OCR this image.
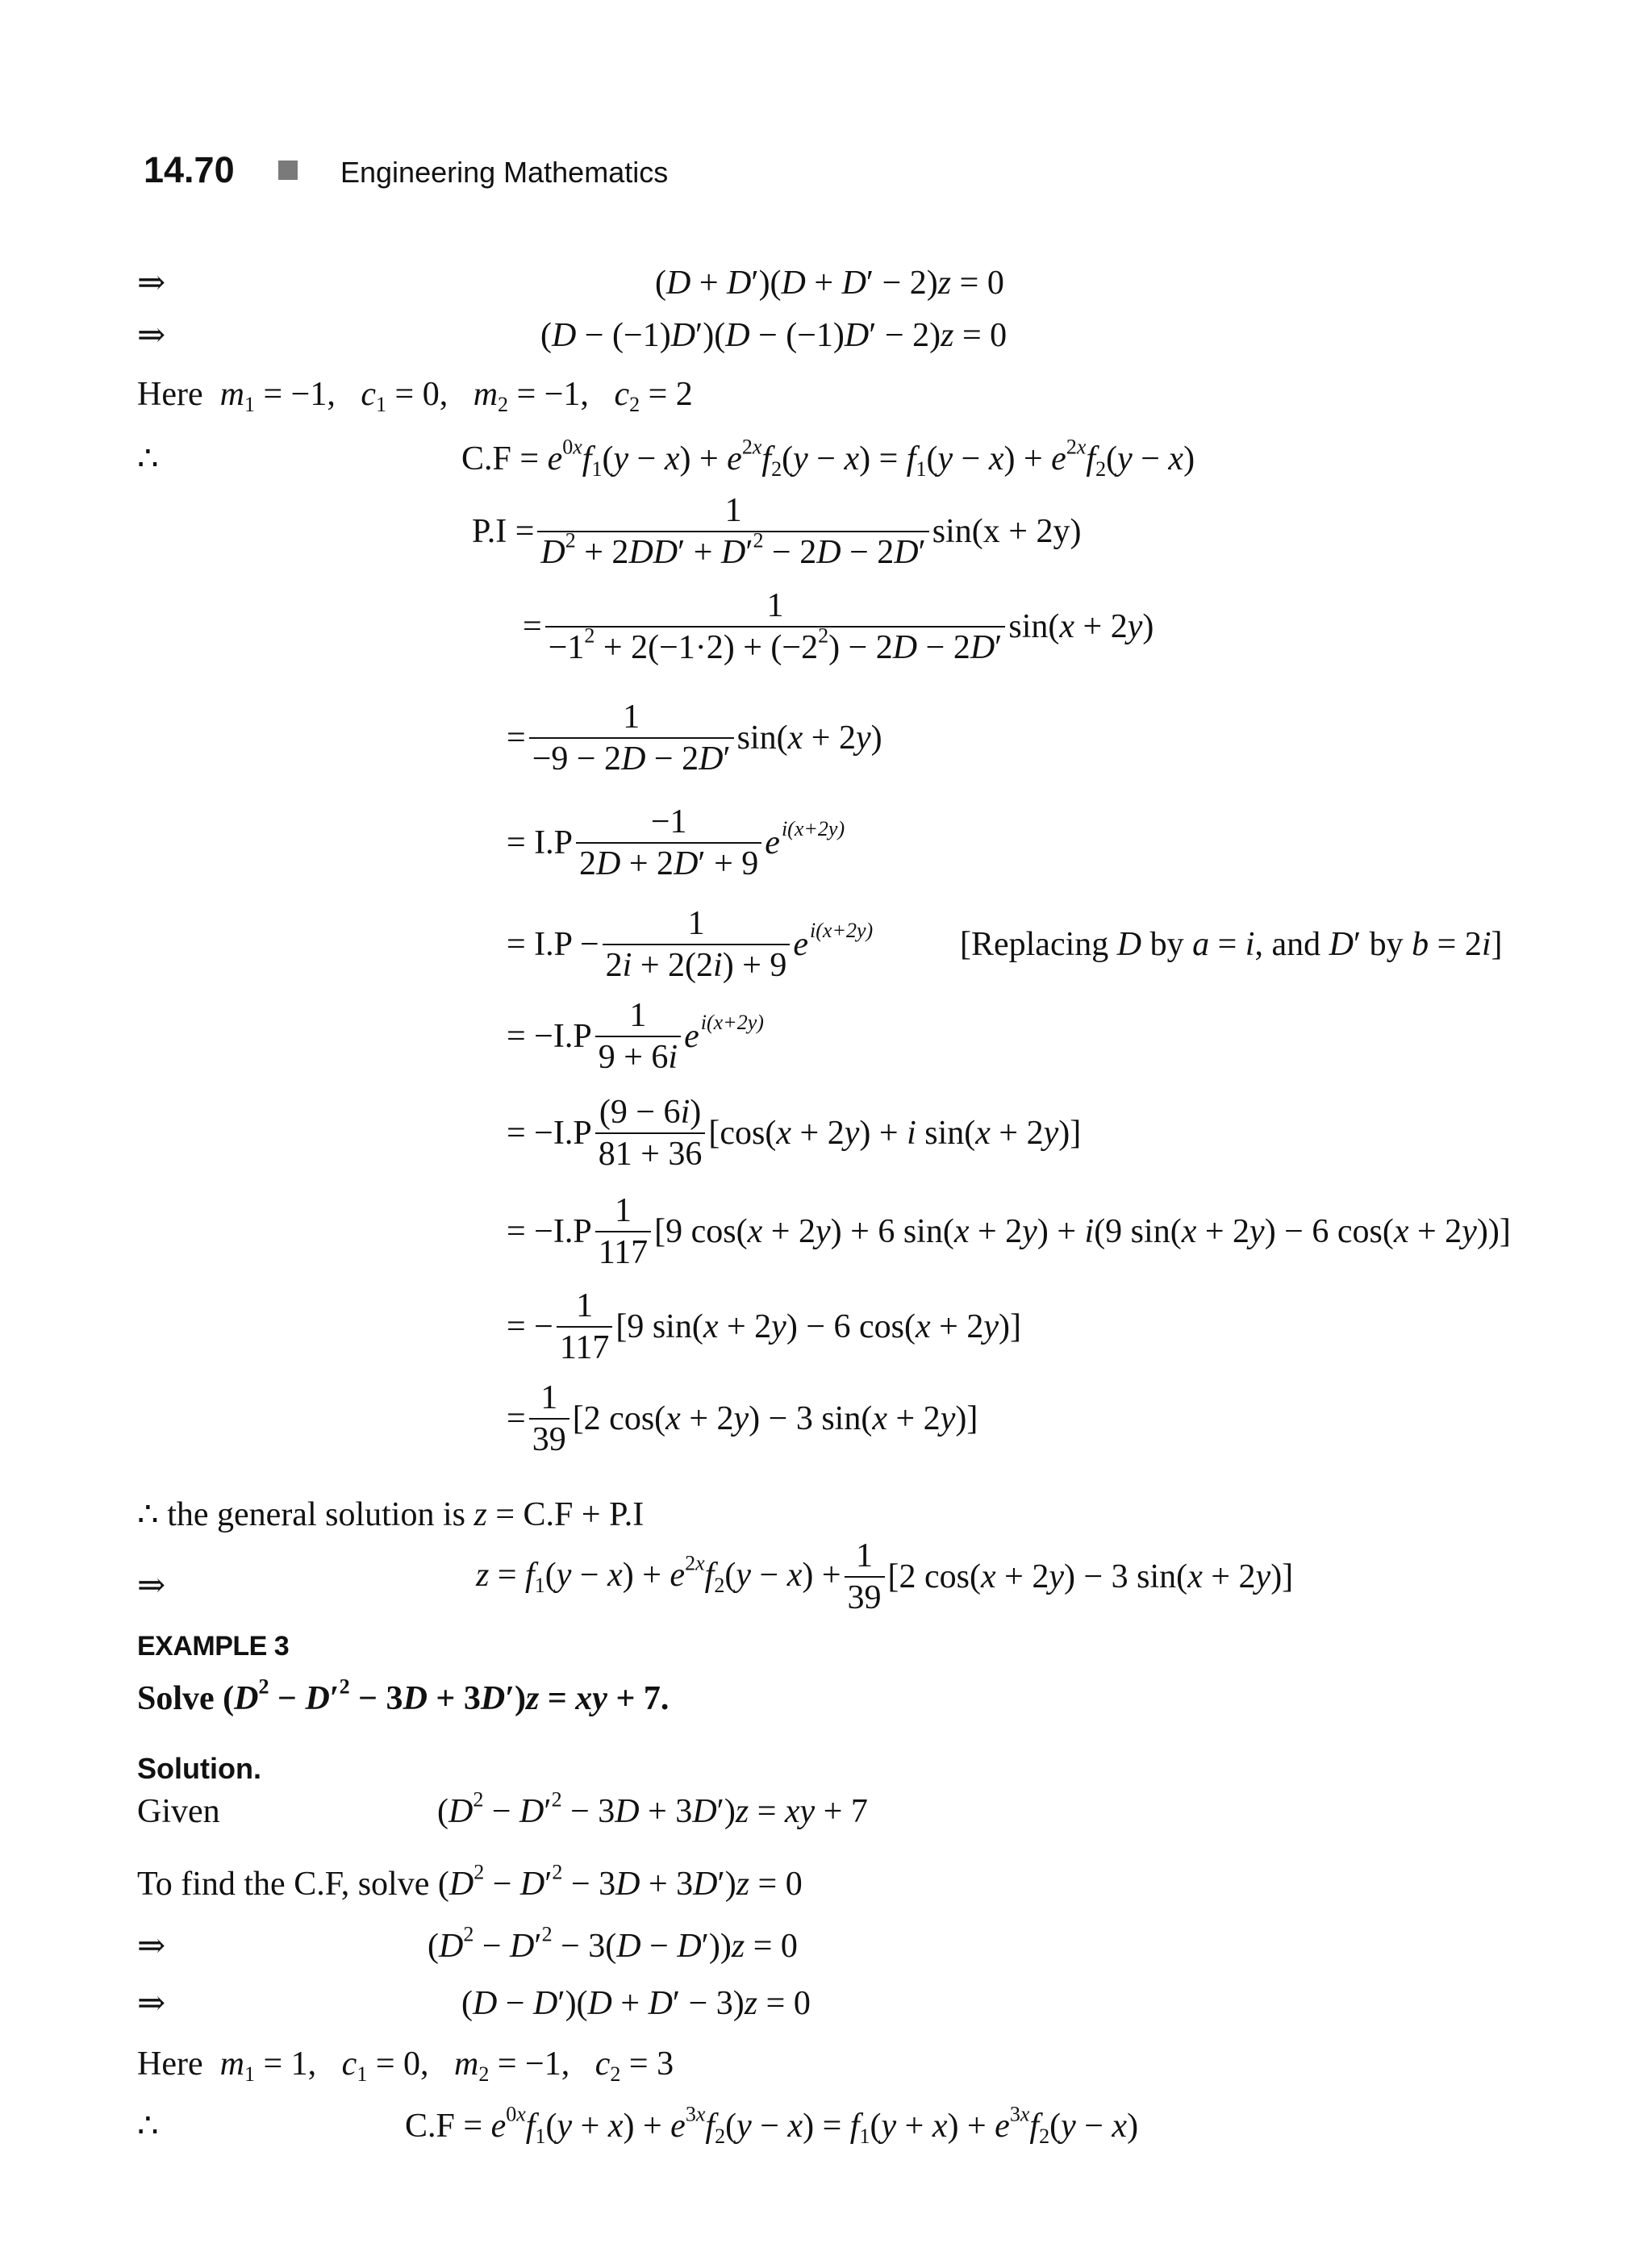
14.70	Engineering Mathematics
⇒	(D + D′)(D + D′ − 2)z = 0
⇒	(D − (−1)D′)(D − (−1)D′ − 2)z = 0
Here  $m_1 = -1$,   $c_1 = 0$,   $m_2 = -1$,   $c_2 = 2$
∴	$C.F = e^{0x}f_1(y - x) + e^{2x}f_2(y - x) = f_1(y - x) + e^{2x}f_2(y - x)$
$P.I = \frac{1}{D^2 + 2DD' + D'^2 - 2D - 2D'} \sin(x + 2y)$
= $\frac{1}{-1^2 + 2(-1\cdot 2) + (-2^2) - 2D - 2D'} \sin(x + 2y)$
= $\frac{1}{-9 - 2D - 2D'} \sin(x + 2y)$
= $I.P \frac{-1}{2D + 2D' + 9} e^{i(x+2y)}$
= $I.P - \frac{1}{2i + 2(2i) + 9} e^{i(x+2y)}$	[Replacing D by a = i, and D′ by b = 2i]
= $-I.P \frac{1}{9 + 6i} e^{i(x+2y)}$
= $-I.P \frac{(9 - 6i)}{81 + 36} [\cos(x + 2y) + i$ sin(x + 2y)]
= $-I.P \frac{1}{117} [9$ cos(x + 2y) + 6 sin(x + 2y) + i(9 sin(x + 2y) − 6 cos(x + 2y))]
= − $\frac{1}{117} [9$ sin(x + 2y) − 6 cos(x + 2y)]
= $\frac{1}{39} [2$ cos(x + 2y) − 3 sin(x + 2y)]
∴ the general solution is z = C.F + P.I
⇒	$z = f_1(y - x) + e^{2x}f_2(y - x) + \frac{1}{39} [2$ cos(x + 2y) − 3 sin(x + 2y)]
EXAMPLE 3
Solve $(D^2 - D'^2 - 3D + 3D')z$ = xy + 7.
Solution.
Given	$(D^2 - D'^2 - 3D + 3D')z$ = xy + 7
To find the C.F, solve $(D^2 - D'^2 - 3D + 3D')z = 0$
⇒	$(D^2 - D'^2 - 3(D - D'))z = 0$
⇒	(D − D′)(D + D′ − 3)z = 0
Here  $m_1 = 1$,   $c_1 = 0$,   $m_2 = -1$,   $c_2 = 3$
∴	$C.F = e^{0x}f_1(y + x) + e^{3x}f_2(y - x) = f_1(y + x) + e^{3x}f_2(y - x)$
